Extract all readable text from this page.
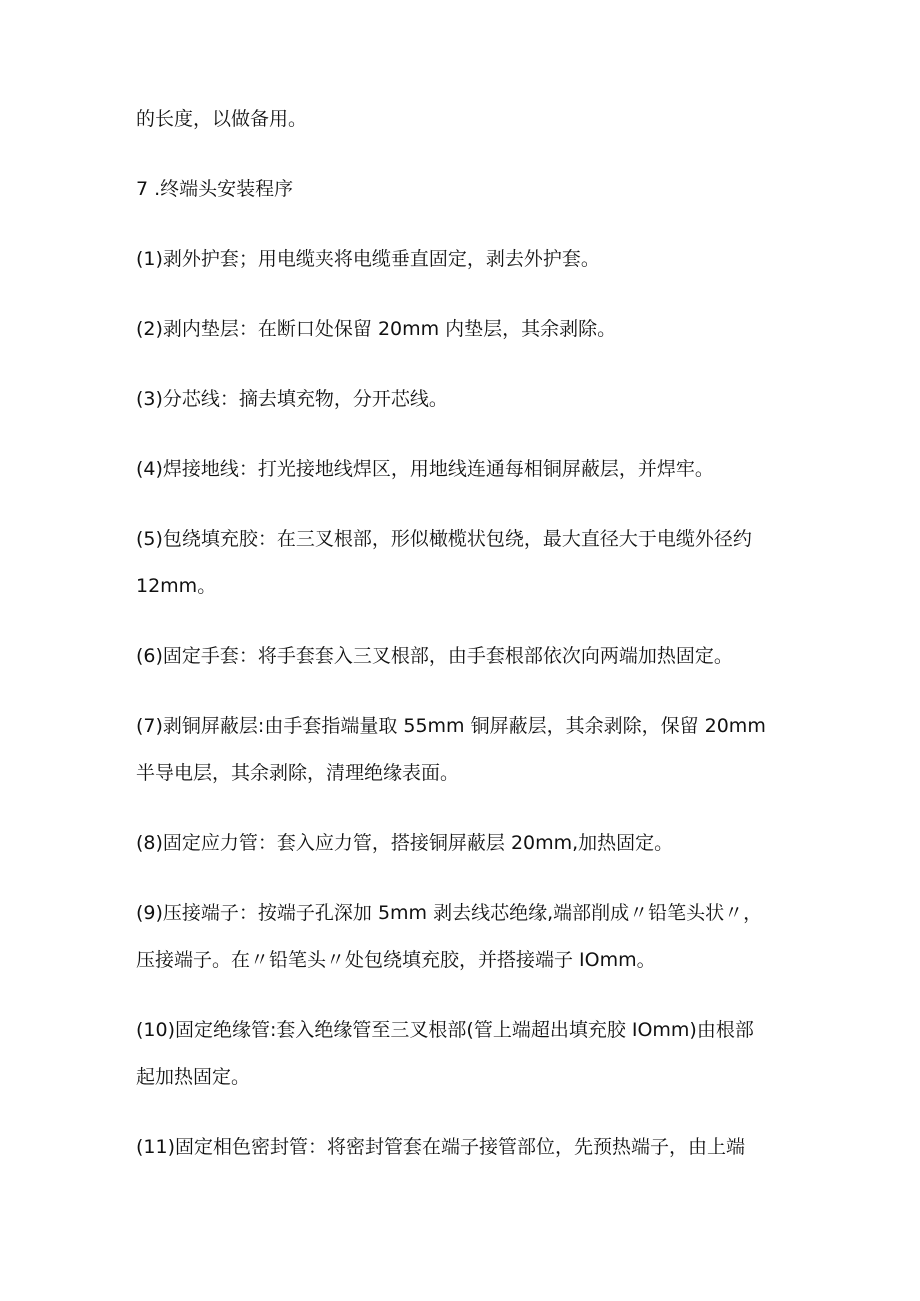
的长度，以做备用。
7 .终端头安装程序
(1)剥外护套；用电缆夹将电缆垂直固定，剥去外护套。
(2)剥内垫层：在断口处保留 20mm 内垫层，其余剥除。
(3)分芯线：摘去填充物，分开芯线。
(4)焊接地线：打光接地线焊区，用地线连通每相铜屏蔽层，并焊牢。
(5)包绕填充胶：在三叉根部，形似橄榄状包绕，最大直径大于电缆外径约
12mm。
(6)固定手套：将手套套入三叉根部，由手套根部依次向两端加热固定。
(7)剥铜屏蔽层:由手套指端量取 55mm 铜屏蔽层，其余剥除，保留 20mm
半导电层，其余剥除，清理绝缘表面。
(8)固定应力管：套入应力管，搭接铜屏蔽层 20mm,加热固定。
(9)压接端子：按端子孔深加 5mm 剥去线芯绝缘,端部削成〃铅笔头状〃，
压接端子。在〃铅笔头〃处包绕填充胶，并搭接端子 IOmm。
(10)固定绝缘管:套入绝缘管至三叉根部(管上端超出填充胶 IOmm)由根部
起加热固定。
(11)固定相色密封管：将密封管套在端子接管部位，先预热端子，由上端
